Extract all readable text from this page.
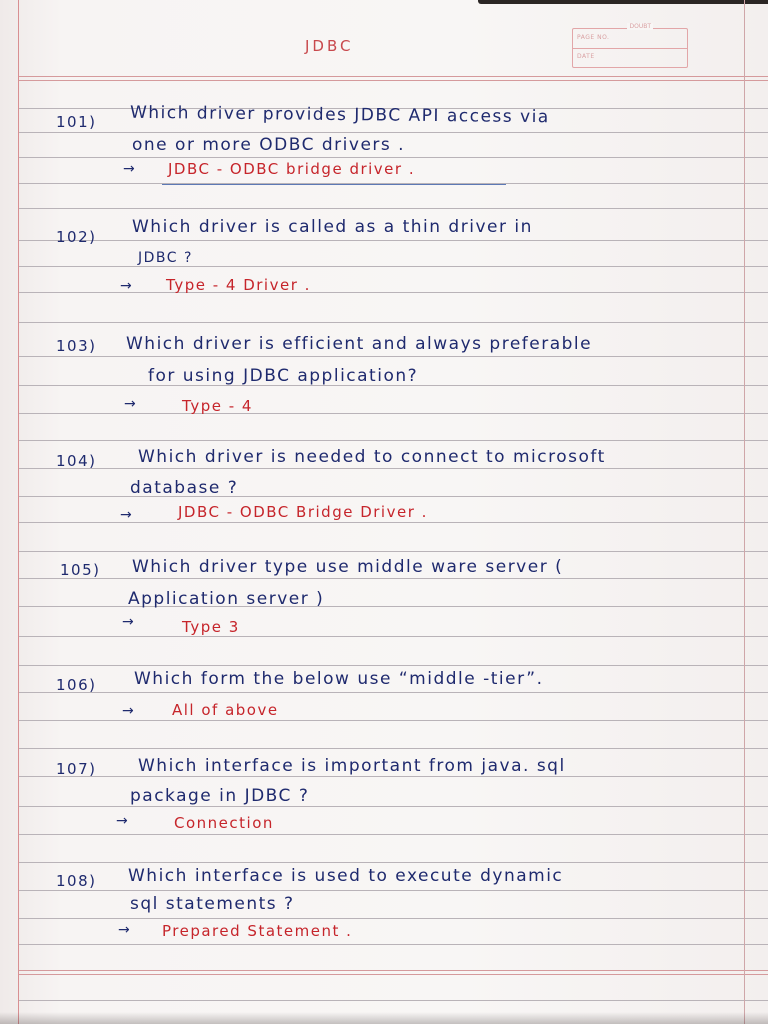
DOUBT
PAGE NO.
DATE
JDBC
101) Which driver provides JDBC API access via
one or more ODBC drivers .
→ JDBC - ODBC bridge driver .
102) Which driver is called as a thin driver in
JDBC ?
→ Type - 4 Driver .
103) Which driver is efficient and always preferable
for using JDBC application?
→	Type - 4
104) Which driver is needed to connect to microsoft
database ?
→	JDBC - ODBC Bridge Driver .
105) Which driver type use middle ware server (
Application server )
→	Type 3
106) Which form the below use “middle -tier”.
→ All of above
107) Which interface is important from java. sql
package in JDBC ?
→	Connection
108) Which interface is used to execute dynamic
sql statements ?
→ Prepared Statement .
